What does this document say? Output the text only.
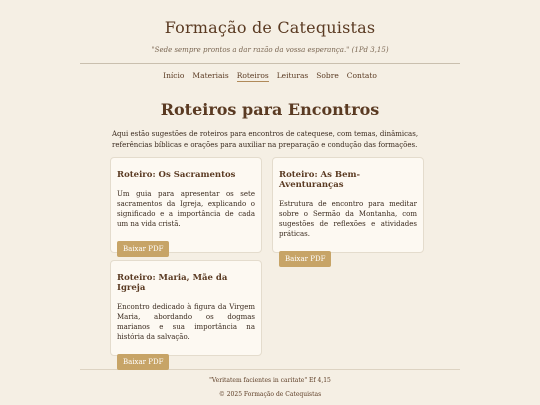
Formação de Catequistas
"Sede sempre prontos a dar razão da vossa esperança." (1Pd 3,15)
Início Materiais Roteiros Leituras Sobre Contato
Roteiros para Encontros

Aqui estão sugestões de roteiros para encontros de catequese, com temas, dinâmicas, referências bíblicas e orações para auxiliar na preparação e condução das formações.

Roteiro: Os Sacramentos

Um guia para apresentar os sete sacramentos da Igreja, explicando o significado e a importância de cada um na vida cristã.

Baixar PDF
Roteiro: As Bem-Aventuranças

Estrutura de encontro para meditar sobre o Sermão da Montanha, com sugestões de reflexões e atividades práticas.

Baixar PDF
Roteiro: Maria, Mãe da Igreja

Encontro dedicado à figura da Virgem Maria, abordando os dogmas marianos e sua importância na história da salvação.

Baixar PDF
"Veritatem facientes in caritate" Ef 4,15
© 2025 Formação de Catequistas
